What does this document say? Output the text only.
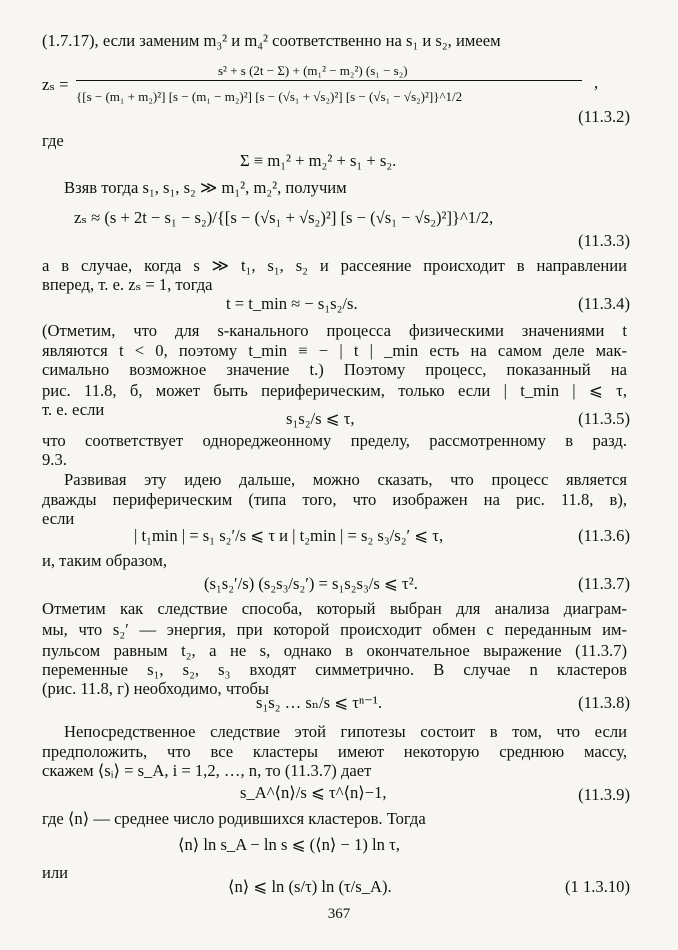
(1.7.17), если заменим m₃² и m₄² соответственно на s₁ и s₂, имеем
zₛ =
s² + s (2t − Σ) + (m₁² − m₂²) (s₁ − s₂)
{[s − (m₁ + m₂)²] [s − (m₁ − m₂)²] [s − (√s₁ + √s₂)²] [s − (√s₁ − √s₂)²]}^1/2
,
(11.3.2)
где
Σ ≡ m₁² + m₂² + s₁ + s₂.
Взяв тогда s₁, s₁, s₂ ≫ m₁², m₂², получим
zₛ ≈ (s + 2t − s₁ − s₂)/{[s − (√s₁ + √s₂)²] [s − (√s₁ − √s₂)²]}^1/2,
(11.3.3)
а в случае, когда s ≫ t₁, s₁, s₂ и рассеяние происходит в направлении
вперед, т. е. zₛ = 1, тогда
t = t_min ≈ − s₁s₂/s.	(11.3.4)
(Отметим, что для s-канального процесса физическими значениями t
являются t < 0, поэтому t_min ≡ − | t | _min есть на самом деле мак-
симально возможное значение t.) Поэтому процесс, показанный на
рис. 11.8, б, может быть периферическим, только если | t_min | ⩽ τ,
т. е. если	s₁s₂/s ⩽ τ,	(11.3.5)
что соответствует однореджеонному пределу, рассмотренному в разд.
9.3.
Развивая эту идею дальше, можно сказать, что процесс является
дважды периферическим (типа того, что изображен на рис. 11.8, в),
если
| t₁min | = s₁ s₂′/s ⩽ τ и | t₂min | = s₂ s₃/s₂′ ⩽ τ,	(11.3.6)
и, таким образом,
(s₁s₂′/s) (s₂s₃/s₂′) = s₁s₂s₃/s ⩽ τ².	(11.3.7)
Отметим как следствие способа, который выбран для анализа диаграм-
мы, что s₂′ — энергия, при которой происходит обмен с переданным им-
пульсом равным t₂, а не s, однако в окончательное выражение (11.3.7)
переменные s₁, s₂, s₃ входят симметрично. В случае n кластеров
(рис. 11.8, г) необходимо, чтобы
s₁s₂ … sₙ/s ⩽ τⁿ⁻¹.	(11.3.8)
Непосредственное следствие этой гипотезы состоит в том, что если
предположить, что все кластеры имеют некоторую среднюю массу,
скажем ⟨sᵢ⟩ = s_A, i = 1,2, …, n, то (11.3.7) дает
s_A^⟨n⟩/s ⩽ τ^⟨n⟩−1,	(11.3.9)
где ⟨n⟩ — среднее число родившихся кластеров. Тогда
⟨n⟩ ln s_A − ln s ⩽ (⟨n⟩ − 1) ln τ,
или
⟨n⟩ ⩽ ln (s/τ) ln (τ/s_A).	(1 1.3.10)
367
